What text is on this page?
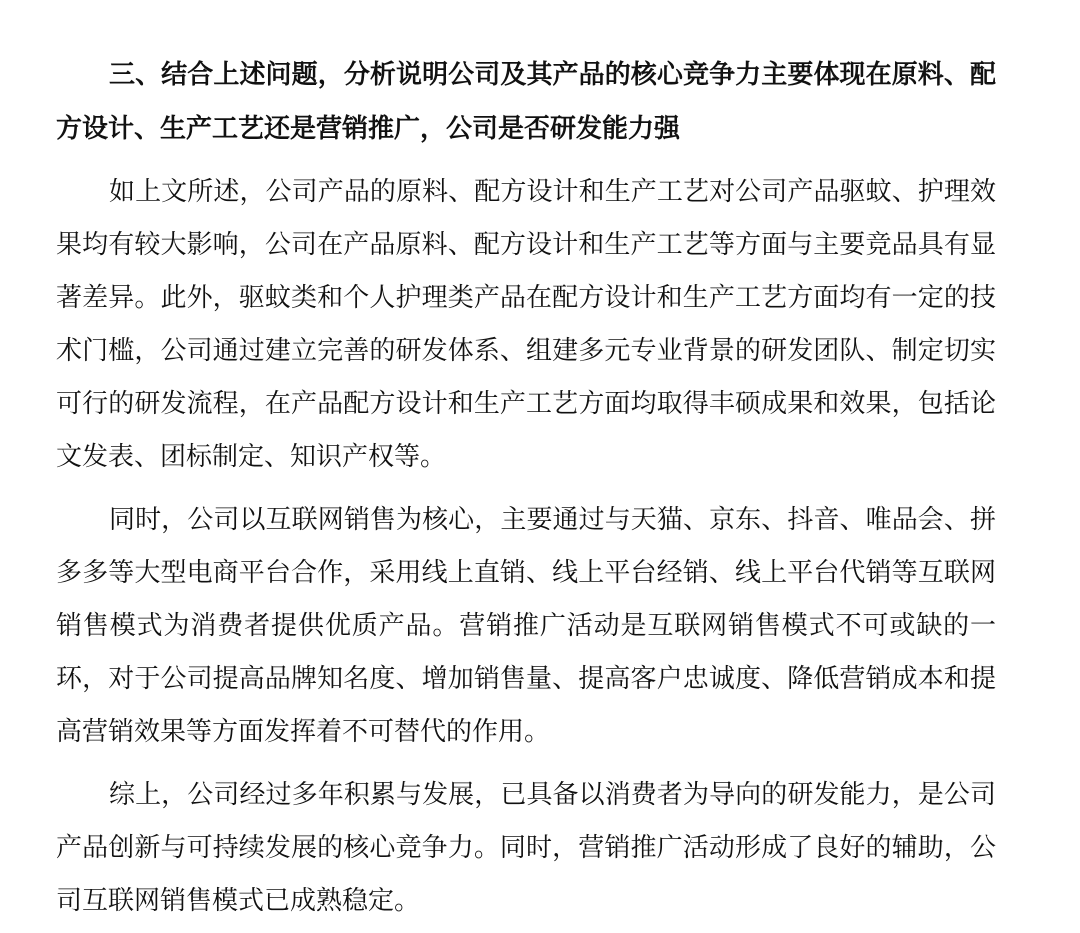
三、结合上述问题，分析说明公司及其产品的核心竞争力主要体现在原料、配方设计、生产工艺还是营销推广，公司是否研发能力强

如上文所述，公司产品的原料、配方设计和生产工艺对公司产品驱蚊、护理效果均有较大影响，公司在产品原料、配方设计和生产工艺等方面与主要竞品具有显著差异。此外，驱蚊类和个人护理类产品在配方设计和生产工艺方面均有一定的技术门槛，公司通过建立完善的研发体系、组建多元专业背景的研发团队、制定切实可行的研发流程，在产品配方设计和生产工艺方面均取得丰硕成果和效果，包括论文发表、团标制定、知识产权等。

同时，公司以互联网销售为核心，主要通过与天猫、京东、抖音、唯品会、拼多多等大型电商平台合作，采用线上直销、线上平台经销、线上平台代销等互联网销售模式为消费者提供优质产品。营销推广活动是互联网销售模式不可或缺的一环，对于公司提高品牌知名度、增加销售量、提高客户忠诚度、降低营销成本和提高营销效果等方面发挥着不可替代的作用。

综上，公司经过多年积累与发展，已具备以消费者为导向的研发能力，是公司产品创新与可持续发展的核心竞争力。同时，营销推广活动形成了良好的辅助，公司互联网销售模式已成熟稳定。
